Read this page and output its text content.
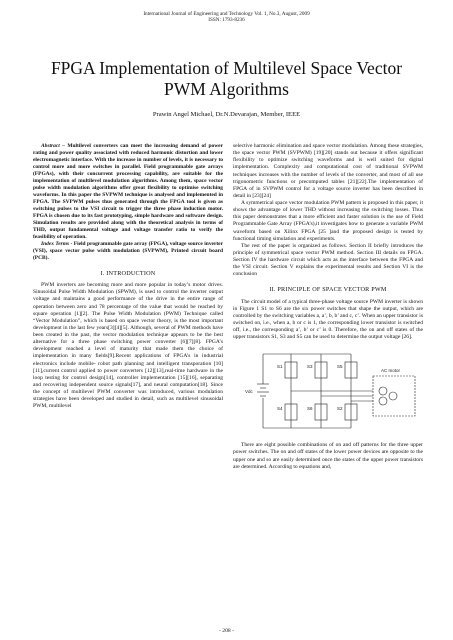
International Journal of Engineering and Technology Vol. 1, No.3, August, 2009
ISSN: 1793-8236
FPGA Implementation of Multilevel Space Vector PWM Algorithms
Prawin Angel Michael, Dr.N.Devarajan, Member, IEEE

Abstract – Multilevel converters can meet the increasing demand of power rating and power quality associated with reduced harmonic distortion and lower electromagnetic interface. With the increase in number of levels, it is necessary to control more and more switches in parallel. Field programmable gate arrays (FPGAs), with their concurrent processing capability, are suitable for the implementation of multilevel modulation algorithms. Among them, space vector pulse width modulation algorithms offer great flexibility to optimise switching waveforms. In this paper the SVPWM technique is analysed and implemented in FPGA. The SVPWM pulses thus generated through the FPGA tool is given as switching pulses to the VSI circuit to trigger the three phase induction motor. FPGA is chosen due to its fast prototyping, simple hardware and software design. Simulation results are provided along with the theoretical analysis in terms of THD, output fundamental voltage and voltage transfer ratio to verify the feasibility of operation.

Index Terms - Field programmable gate array (FPGA), voltage source inverter (VSI), space vector pulse width modulation (SVPWM), Printed circuit board (PCB).

I. INTRODUCTION

PWM inverters are becoming more and more popular in today’s motor drives. Sinusoidal Pulse Width Modulation (SPWM), is used to control the inverter output voltage and maintains a good performance of the drive in the entire range of operation between zero and 78 percentage of the value that would be reached by square operation [1][2]. The Pulse Width Modulation (PWM) Technique called “Vector Modulation”, which is based on space vector theory, is the most important development in the last few years[3][4][5]. Although, several of PWM methods have been created in the past, the vector modulation technique appears to be the best alternative for a three phase switching power converter [6][7][8]. FPGA’s development reached a level of maturity that made them the choice of implementation in many fields[9].Recent applications of FPGA’s in industrial electronics include mobile- robot path planning and intelligent transporation [10][11],current control applied to power converters [12][13],real-time hardware in the loop testing for control design[14], controller implementation [15][16], separating and recovering independent source signals[17], and neural computation[18]. Since the concept of multilevel PWM converter was introduced, various modulation strategies have been developed and studied in detail, such as multilevel sinusoidal PWM, multilevel

selective harmonic elimination and space vector modulation. Among these strategies, the space vector PWM (SVPWM) [19][20] stands out because it offers significant flexibility to optimize switching waveforms and is well suited for digital implementation. Complexity and computational cost of traditional SVPWM techniques increases with the number of levels of the converter, and most of all use trigonometric functions or precomputed tables [21][22].The implementation of FPGA of in SVPWM control for a voltage source inverter has been described in detail in [23][24]

A symmetrical space vector modulation PWM pattern is proposed in this paper, it shows the advantage of lower THD without increasing the switching losses. Thus this paper demonstrates that a more efficient and faster solution is the use of Field Programmable Gate Array (FPGA’s),it investigates how to generate a variable PWM waveform based on Xilinx FPGA [25 ]and the proposed design is tested by functional timing simulation and experiments.

The rest of the paper is organized as follows. Section II briefly introduces the principle of symmetrical space vector PWM method. Section III details on FPGA. Section IV the hardware circuit which acts as the interface between the FPGA and the VSI circuit. Section V explains the experimental results and Section VI is the conclusion

II. PRINCIPLE OF SPACE VECTOR PWM

The circuit model of a typical three-phase voltage source PWM inverter is shown in Figure 1 S1 to S6 are the six power switches that shape the output, which are controlled by the switching variables a, a’, b, b’ and c, c’. When an upper transistor is switched on, i.e., when a, b or c is 1, the corresponding lower transistor is switched off, i.e., the corresponding a’, b’ or c’ is 0. Therefore, the on and off states of the upper transistors S1, S3 and S5 can be used to determine the output voltage [26].

Vdc
AC motor
S1	S3	S5
S4	S6	S2

There are eight possible combinations of on and off patterns for the three upper power switches. The on and off states of the lower power devices are opposite to the upper one and so are easily determined once the states of the upper power transistors are determined. According to equations and,

- 208 -
